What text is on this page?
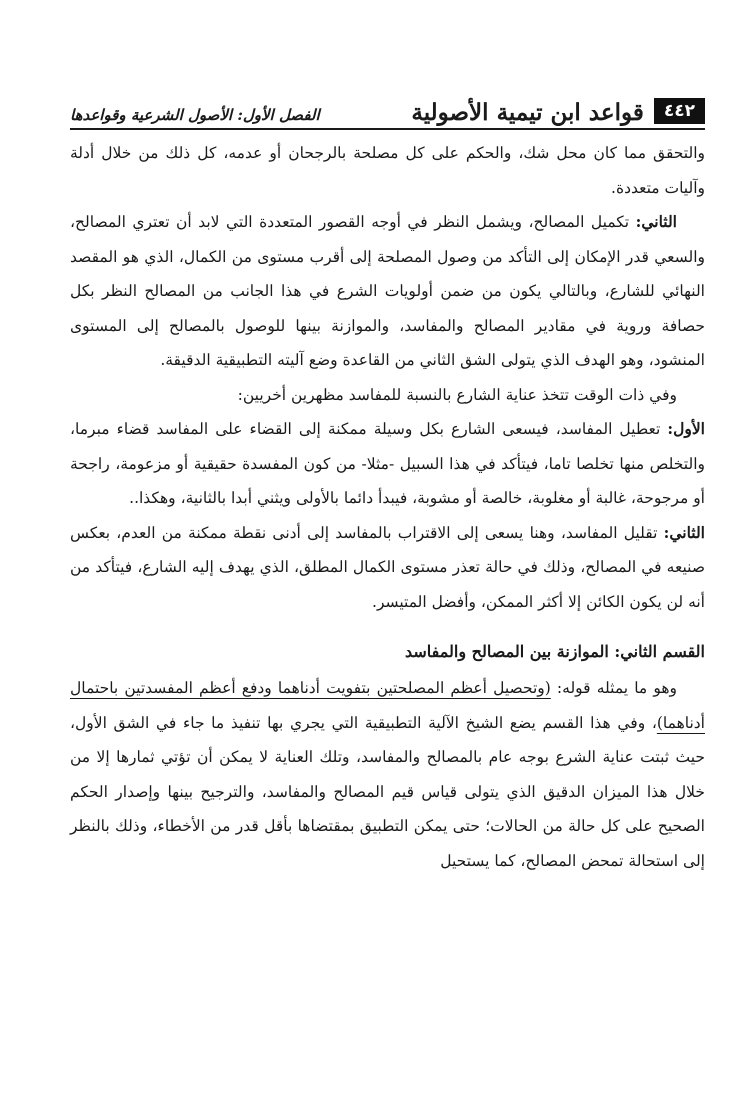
٤٤٢
قواعد ابن تيمية الأصولية
الفصل الأول: الأصول الشرعية وقواعدها

والتحقق مما كان محل شك، والحكم على كل مصلحة بالرجحان أو عدمه، كل ذلك من خلال أدلة وآليات متعددة.

الثاني: تكميل المصالح، ويشمل النظر في أوجه القصور المتعددة التي لابد أن تعتري المصالح، والسعي قدر الإمكان إلى التأكد من وصول المصلحة إلى أقرب مستوى من الكمال، الذي هو المقصد النهائي للشارع، وبالتالي يكون من ضمن أولويات الشرع في هذا الجانب من المصالح النظر بكل حصافة وروية في مقادير المصالح والمفاسد، والموازنة بينها للوصول بالمصالح إلى المستوى المنشود، وهو الهدف الذي يتولى الشق الثاني من القاعدة وضع آليته التطبيقية الدقيقة.

وفي ذات الوقت تتخذ عناية الشارع بالنسبة للمفاسد مظهرين أخريين:

الأول: تعطيل المفاسد، فيسعى الشارع بكل وسيلة ممكنة إلى القضاء على المفاسد قضاء مبرما، والتخلص منها تخلصا تاما، فيتأكد في هذا السبيل -مثلا- من كون المفسدة حقيقية أو مزعومة، راجحة أو مرجوحة، غالبة أو مغلوبة، خالصة أو مشوبة، فيبدأ دائما بالأولى ويثني أبدا بالثانية، وهكذا..

الثاني: تقليل المفاسد، وهنا يسعى إلى الاقتراب بالمفاسد إلى أدنى نقطة ممكنة من العدم، بعكس صنيعه في المصالح، وذلك في حالة تعذر مستوى الكمال المطلق، الذي يهدف إليه الشارع، فيتأكد من أنه لن يكون الكائن إلا أكثر الممكن، وأفضل المتيسر.

القسم الثاني: الموازنة بين المصالح والمفاسد

وهو ما يمثله قوله: (وتحصيل أعظم المصلحتين بتفويت أدناهما ودفع أعظم المفسدتين باحتمال أدناهما)، وفي هذا القسم يضع الشيخ الآلية التطبيقية التي يجري بها تنفيذ ما جاء في الشق الأول، حيث ثبتت عناية الشرع بوجه عام بالمصالح والمفاسد، وتلك العناية لا يمكن أن تؤتي ثمارها إلا من خلال هذا الميزان الدقيق الذي يتولى قياس قيم المصالح والمفاسد، والترجيح بينها وإصدار الحكم الصحيح على كل حالة من الحالات؛ حتى يمكن التطبيق بمقتضاها بأقل قدر من الأخطاء، وذلك بالنظر إلى استحالة تمحض المصالح، كما يستحيل
